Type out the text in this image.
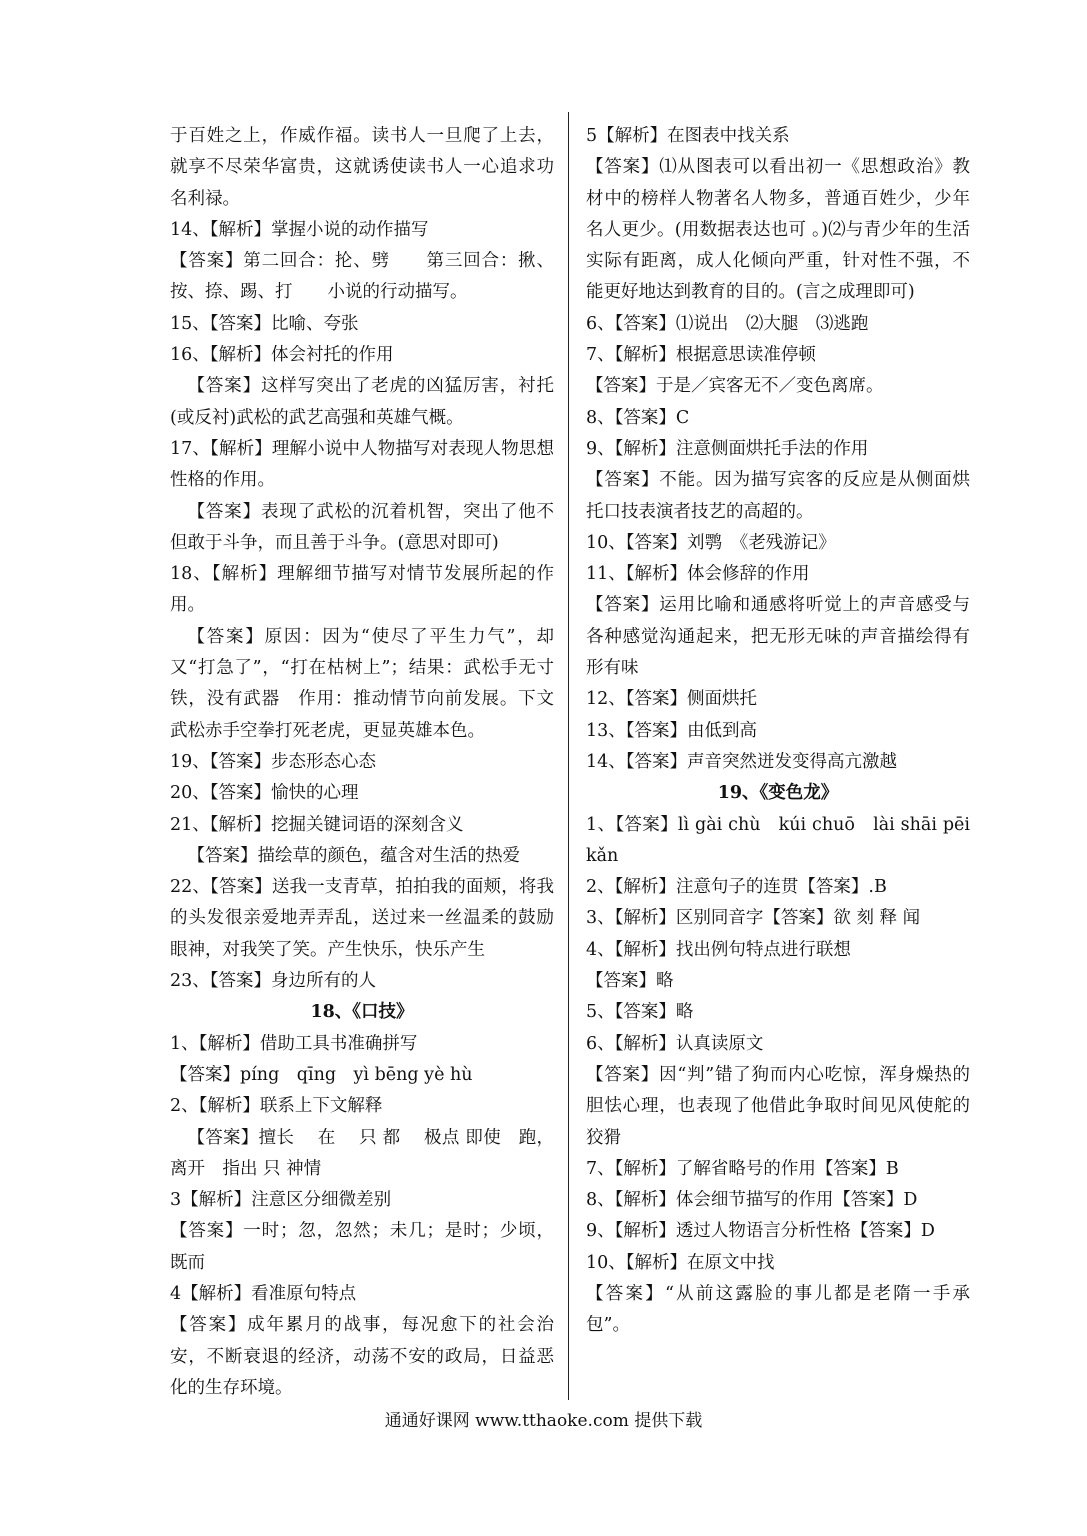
于百姓之上，作威作福。读书人一旦爬了上去，就享不尽荣华富贵，这就诱使读书人一心追求功名利禄。

14、【解析】掌握小说的动作描写

【答案】第二回合：抡、劈　　第三回合：揪、按、捺、踢、打　　小说的行动描写。

15、【答案】比喻、夸张

16、【解析】体会衬托的作用

【答案】这样写突出了老虎的凶猛厉害，衬托(或反衬)武松的武艺高强和英雄气概。

17、【解析】理解小说中人物描写对表现人物思想性格的作用。

【答案】表现了武松的沉着机智，突出了他不但敢于斗争，而且善于斗争。(意思对即可)

18、【解析】理解细节描写对情节发展所起的作用。

【答案】原因：因为“使尽了平生力气”，却又“打急了”，“打在枯树上”；结果：武松手无寸铁，没有武器　作用：推动情节向前发展。下文武松赤手空拳打死老虎，更显英雄本色。

19、【答案】步态形态心态

20、【答案】愉快的心理

21、【解析】挖掘关键词语的深刻含义

【答案】描绘草的颜色，蕴含对生活的热爱

22、【答案】送我一支青草，拍拍我的面颊，将我的头发很亲爱地弄弄乱，送过来一丝温柔的鼓励眼神，对我笑了笑。产生快乐，快乐产生

23、【答案】身边所有的人

18、《口技》

1、【解析】借助工具书准确拼写

【答案】píng　qīng　yì bēng yè hù

2、【解析】联系上下文解释

【答案】擅长　 在　 只 都　 极点 即使　跑，离开　指出 只 神情

3【解析】注意区分细微差别

【答案】一时；忽，忽然；未几；是时；少顷，既而

4【解析】看准原句特点

【答案】成年累月的战事，每况愈下的社会治安，不断衰退的经济，动荡不安的政局，日益恶化的生存环境。

5【解析】在图表中找关系

【答案】⑴从图表可以看出初一《思想政治》教材中的榜样人物著名人物多，普通百姓少，少年名人更少。(用数据表达也可 。)⑵与青少年的生活实际有距离，成人化倾向严重，针对性不强，不能更好地达到教育的目的。(言之成理即可)

6、【答案】⑴说出　⑵大腿　⑶逃跑

7、【解析】根据意思读准停顿

【答案】于是／宾客无不／变色离席。

8、【答案】C

9、【解析】注意侧面烘托手法的作用

【答案】不能。因为描写宾客的反应是从侧面烘托口技表演者技艺的高超的。

10、【答案】刘鹗　《老残游记》

11、【解析】体会修辞的作用

【答案】运用比喻和通感将听觉上的声音感受与各种感觉沟通起来，把无形无味的声音描绘得有形有味

12、【答案】侧面烘托

13、【答案】由低到高

14、【答案】声音突然迸发变得高亢激越

19、《变色龙》

1、【答案】lì gài chù　kúi chuō　lài shāi pēi　kǎn

2、【解析】注意句子的连贯【答案】.B

3、【解析】区别同音字【答案】欲 刻 释 闻

4、【解析】找出例句特点进行联想

【答案】略

5、【答案】略

6、【解析】认真读原文

【答案】因“判”错了狗而内心吃惊，浑身燥热的胆怯心理，也表现了他借此争取时间见风使舵的狡猾

7、【解析】了解省略号的作用【答案】B

8、【解析】体会细节描写的作用【答案】D

9、【解析】透过人物语言分析性格【答案】D

10、【解析】在原文中找

【答案】“从前这露脸的事儿都是老隋一手承包”。

通通好课网 www.tthaoke.com 提供下载
